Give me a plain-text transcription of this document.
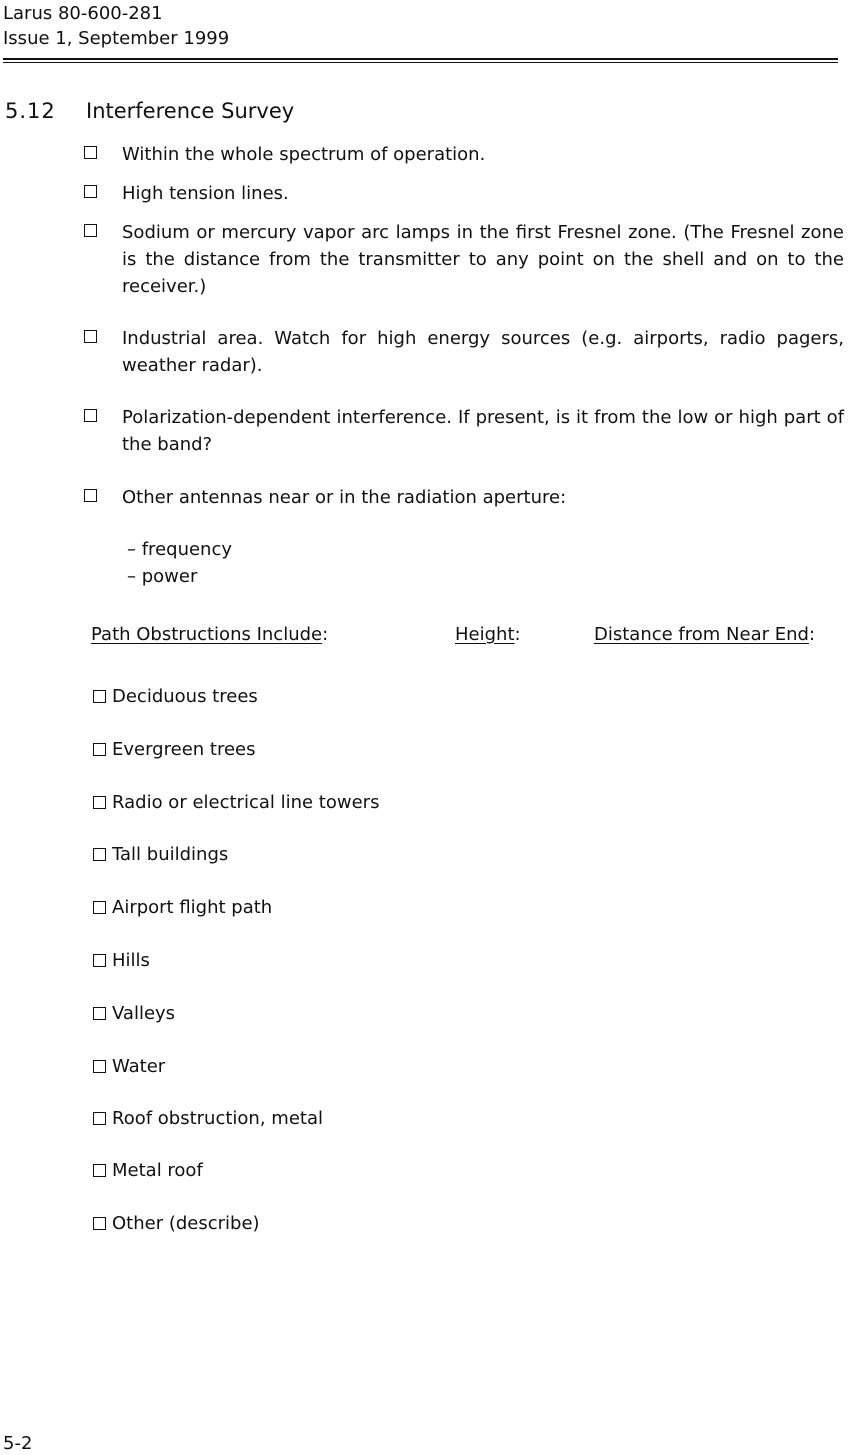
Larus 80-600-281
Issue 1, September 1999
5.12 Interference Survey
Within the whole spectrum of operation.
High tension lines.
Sodium or mercury vapor arc lamps in the first Fresnel zone. (The Fresnel zone is the distance from the transmitter to any point on the shell and on to the receiver.)
Industrial area. Watch for high energy sources (e.g. airports, radio pagers, weather radar).
Polarization-dependent interference. If present, is it from the low or high part of the band?
Other antennas near or in the radiation aperture:
– frequency
– power
Path Obstructions Include:	Height:	Distance from Near End:
Deciduous trees
Evergreen trees
Radio or electrical line towers
Tall buildings
Airport flight path
Hills
Valleys
Water
Roof obstruction, metal
Metal roof
Other (describe)
5-2
